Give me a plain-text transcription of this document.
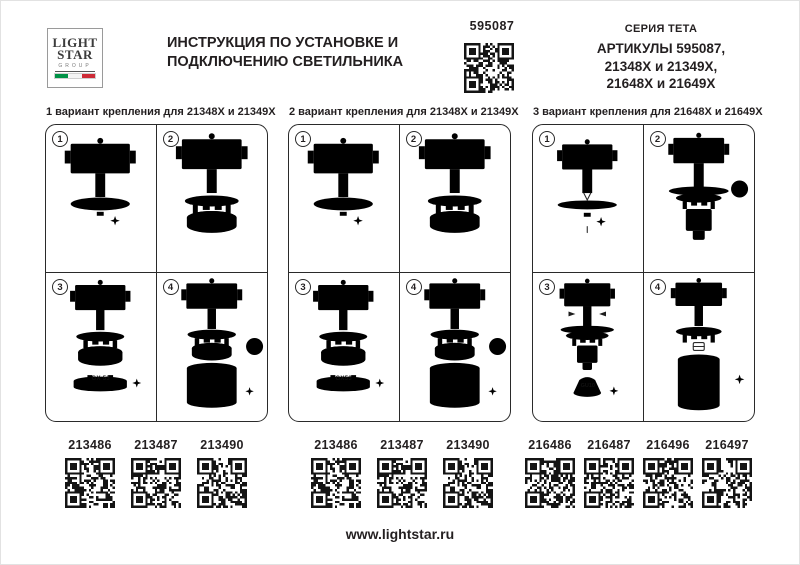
LIGHT
STAR
GROUP
ИНСТРУКЦИЯ ПО УСТАНОВКЕ И
ПОДКЛЮЧЕНИЮ СВЕТИЛЬНИКА
595087	СЕРИЯ ТЕТА
АРТИКУЛЫ 595087,
21348X и 21349X,
21648X и 21649X
1 вариант крепления для 21348X и 21349X
1	2
3
GX 53
4
2 вариант крепления для 21348X и 21349X
1	2
3
GX53
4
3 вариант крепления для 21648X и 21649X
1	2
3
GU10
4
213486	213487	213490	213486	213487	213490	216486	216487	216496	216497
www.lightstar.ru
